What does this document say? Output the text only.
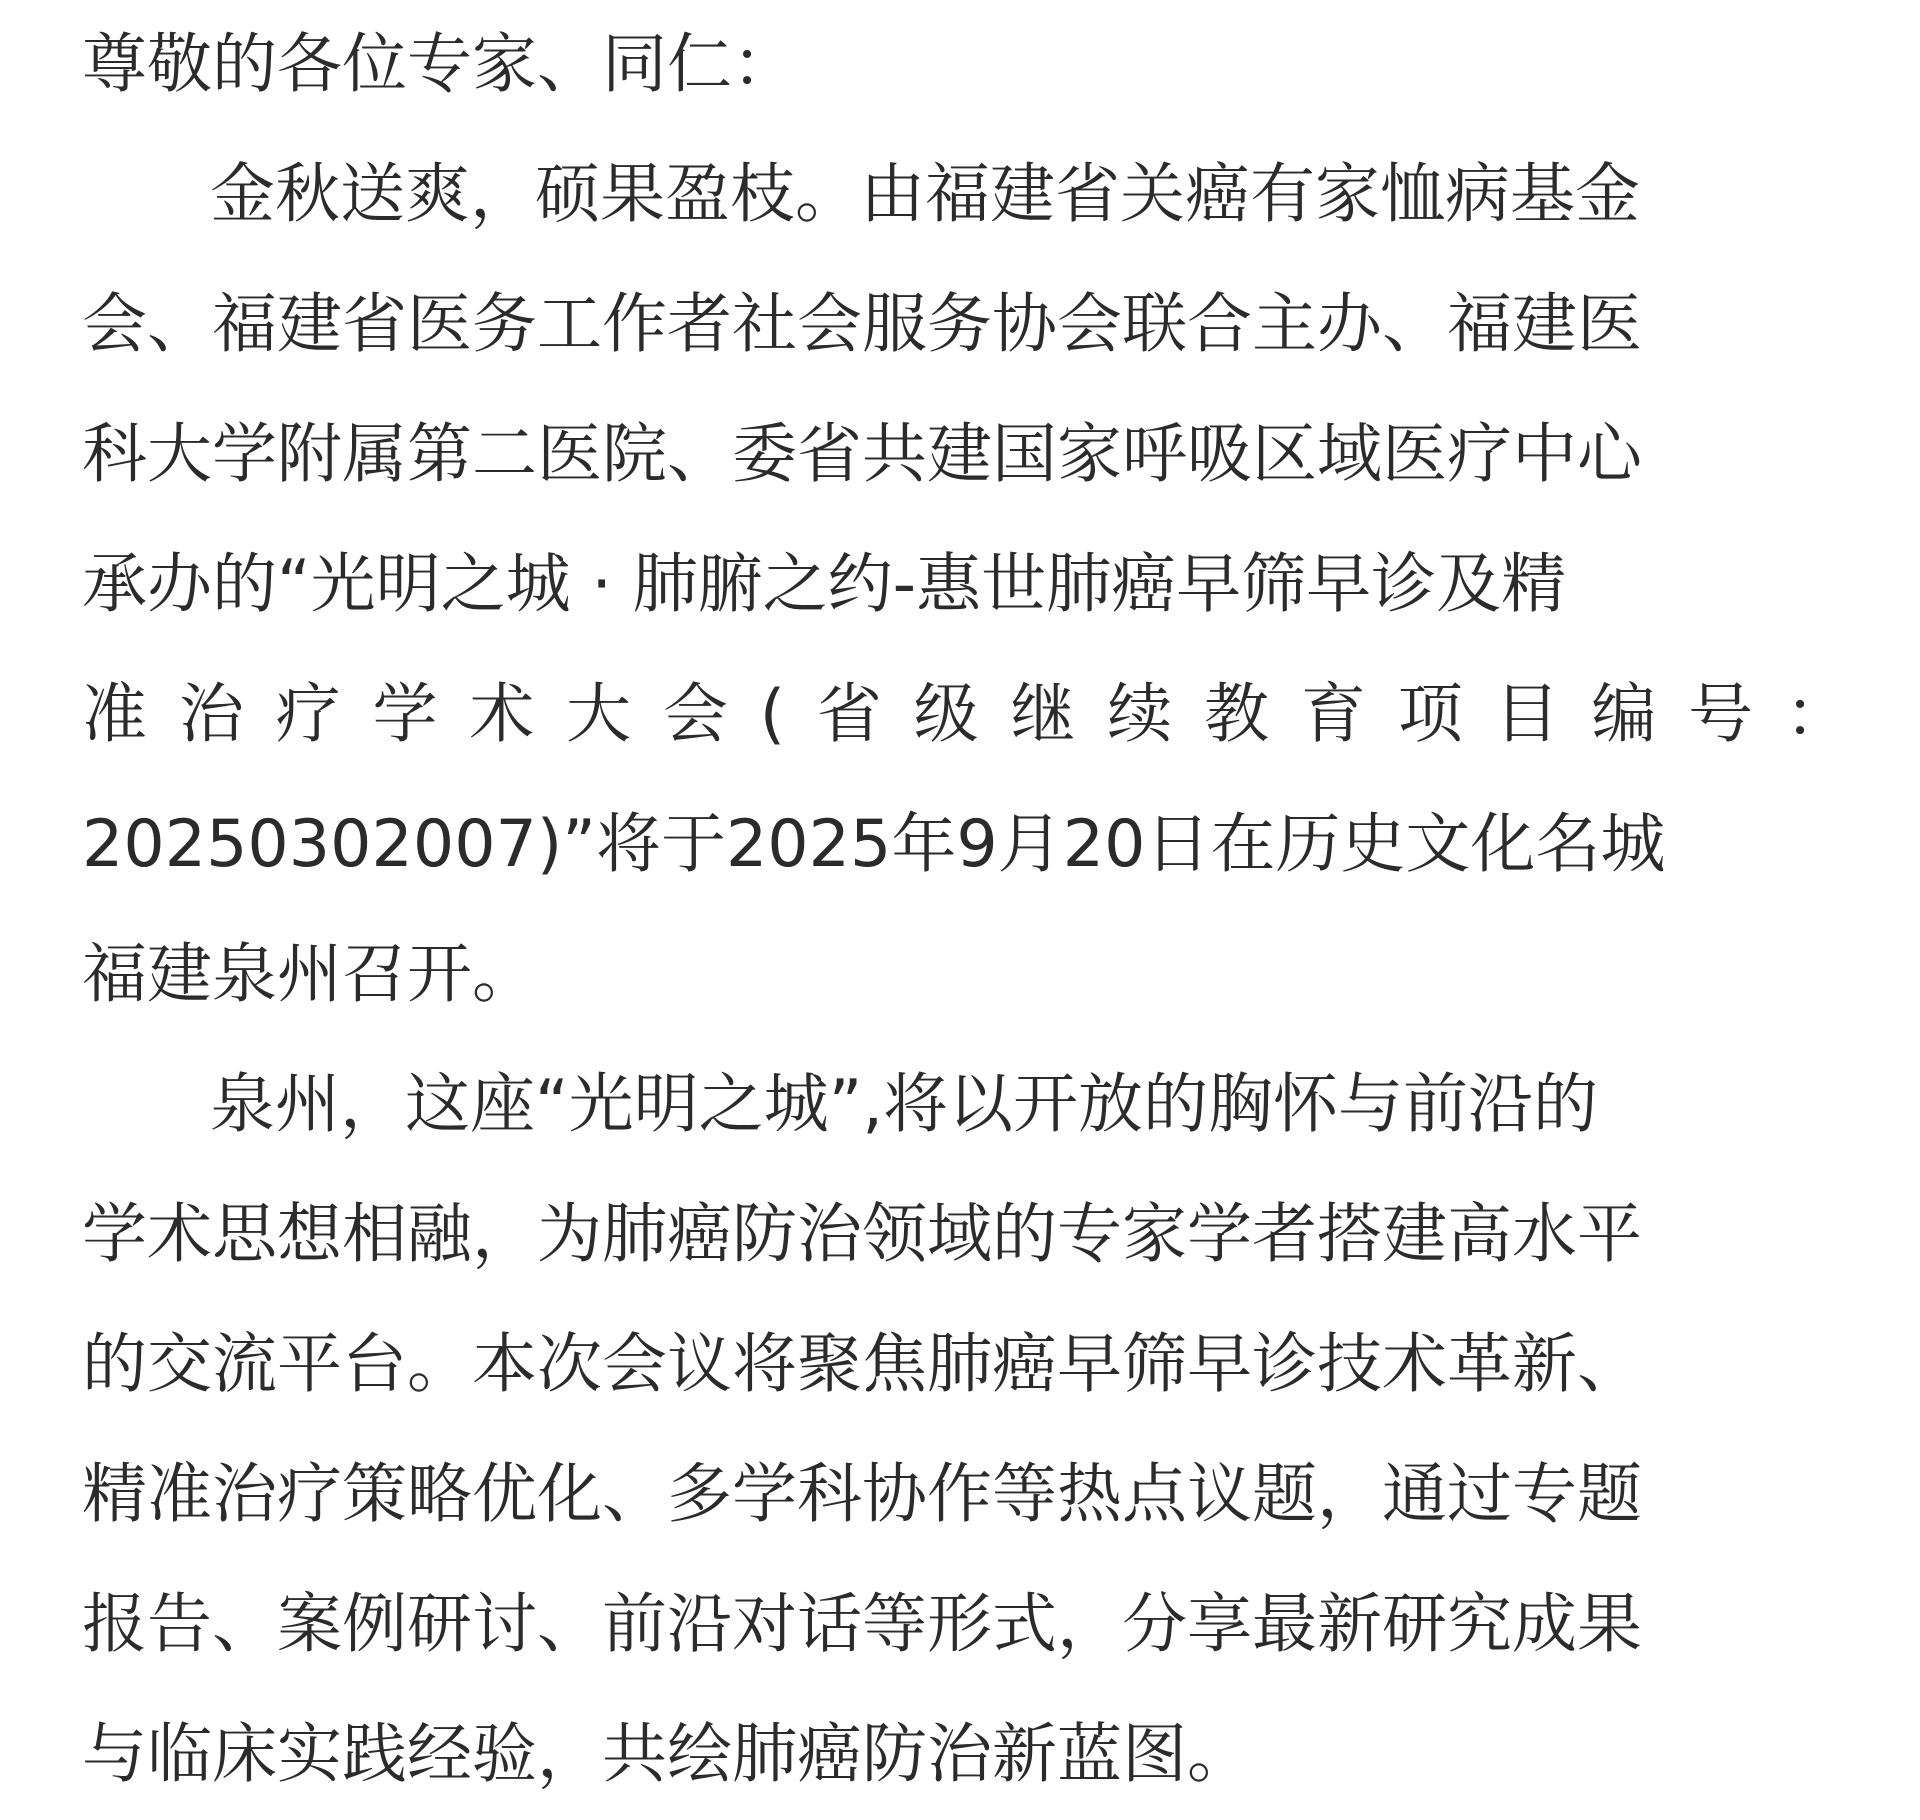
尊敬的各位专家、同仁：
金秋送爽，硕果盈枝。由福建省关癌有家恤病基金
会、福建省医务工作者社会服务协会联合主办、福建医
科大学附属第二医院、委省共建国家呼吸区域医疗中心
承办的“光明之城 · 肺腑之约-惠世肺癌早筛早诊及精
准 治 疗 学 术 大 会 ( 省 级 继 续 教 育 项 目 编 号 ：
20250302007)”将于2025年9月20日在历史文化名城
福建泉州召开。
泉州，这座“光明之城”,将以开放的胸怀与前沿的
学术思想相融，为肺癌防治领域的专家学者搭建高水平
的交流平台。本次会议将聚焦肺癌早筛早诊技术革新、
精准治疗策略优化、多学科协作等热点议题，通过专题
报告、案例研讨、前沿对话等形式，分享最新研究成果
与临床实践经验，共绘肺癌防治新蓝图。
